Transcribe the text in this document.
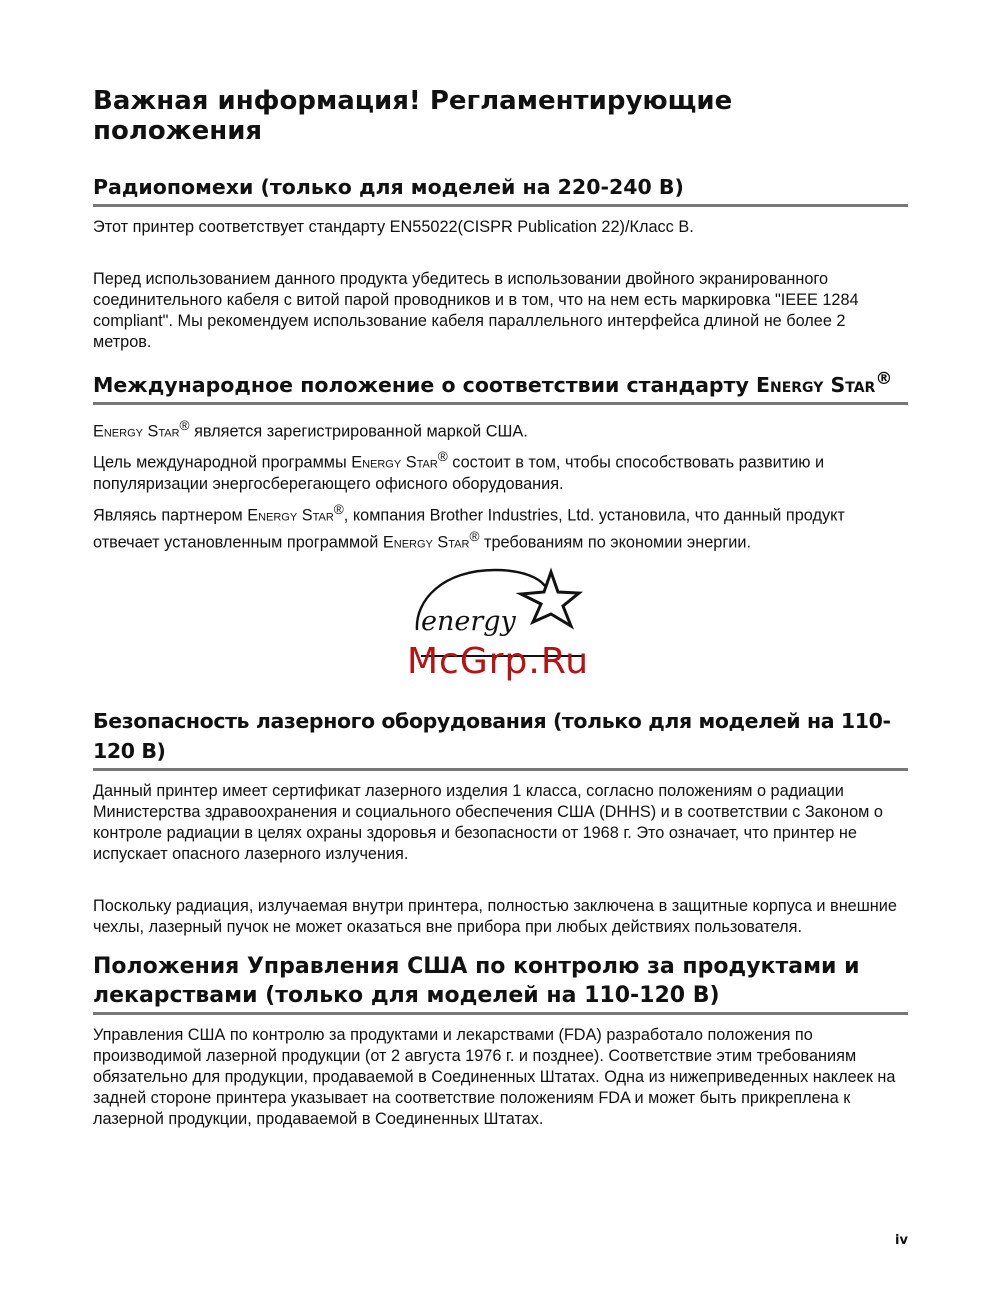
Важная информация! Регламентирующие положения
Радиопомехи (только для моделей на 220-240 В)

Этот принтер соответствует стандарту EN55022(CISPR Publication 22)/Класс В.

Перед использованием данного продукта убедитесь в использовании двойного экранированного соединительного кабеля с витой парой проводников и в том, что на нем есть маркировка "IEEE 1284 compliant". Мы рекомендуем использование кабеля параллельного интерфейса длиной не более 2 метров.

Международное положение о соответствии стандарту Energy Star®

Energy Star® является зарегистрированной маркой США.

Цель международной программы Energy Star® состоит в том, чтобы способствовать развитию и популяризации энергосберегающего офисного оборудования.

Являясь партнером Energy Star®, компания Brother Industries, Ltd. установила, что данный продукт отвечает установленным программой Energy Star® требованиям по экономии энергии.

energy
McGrp.Ru
Безопасность лазерного оборудования (только для моделей на 110-120 В)

Данный принтер имеет сертификат лазерного изделия 1 класса, согласно положениям о радиации Министерства здравоохранения и социального обеспечения США (DHHS) и в соответствии с Законом о контроле радиации в целях охраны здоровья и безопасности от 1968 г. Это означает, что принтер не испускает опасного лазерного излучения.

Поскольку радиация, излучаемая внутри принтера, полностью заключена в защитные корпуса и внешние чехлы, лазерный пучок не может оказаться вне прибора при любых действиях пользователя.

Положения Управления США по контролю за продуктами и лекарствами (только для моделей на 110-120 В)

Управления США по контролю за продуктами и лекарствами (FDA) разработало положения по производимой лазерной продукции (от 2 августа 1976 г. и позднее). Соответствие этим требованиям обязательно для продукции, продаваемой в Соединенных Штатах. Одна из нижеприведенных наклеек на задней стороне принтера указывает на соответствие положениям FDA и может быть прикреплена к лазерной продукции, продаваемой в Соединенных Штатах.

iv
